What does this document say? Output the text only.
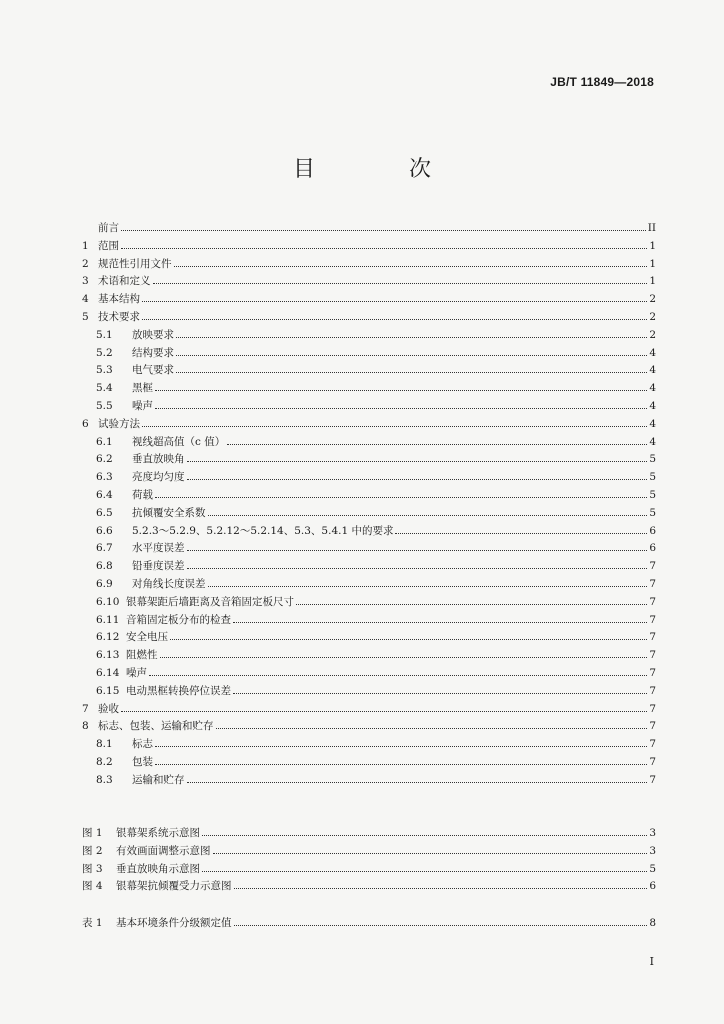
JB/T 11849—2018
目　次
前言	II
1 范围	1
2 规范性引用文件	1
3 术语和定义	1
4 基本结构	2
5 技术要求	2
5.1	放映要求	2
5.2	结构要求	4
5.3	电气要求	4
5.4	黑框	4
5.5	噪声	4
6 试验方法	4
6.1	视线超高值（c 值）	4
6.2	垂直放映角	5
6.3	亮度均匀度	5
6.4	荷载	5
6.5	抗倾覆安全系数	5
6.6	5.2.3～5.2.9、5.2.12～5.2.14、5.3、5.4.1 中的要求	6
6.7	水平度误差	6
6.8	铅垂度误差	7
6.9	对角线长度误差	7
6.10 银幕架距后墙距离及音箱固定板尺寸	7
6.11 音箱固定板分布的检查	7
6.12 安全电压	7
6.13 阻燃性	7
6.14 噪声	7
6.15 电动黑框转换停位误差	7
7 验收	7
8 标志、包装、运输和贮存	7
8.1	标志	7
8.2	包装	7
8.3	运输和贮存	7
图 1	银幕架系统示意图	3
图 2	有效画面调整示意图	3
图 3	垂直放映角示意图	5
图 4	银幕架抗倾覆受力示意图	6
表 1	基本环境条件分级额定值	8
I
